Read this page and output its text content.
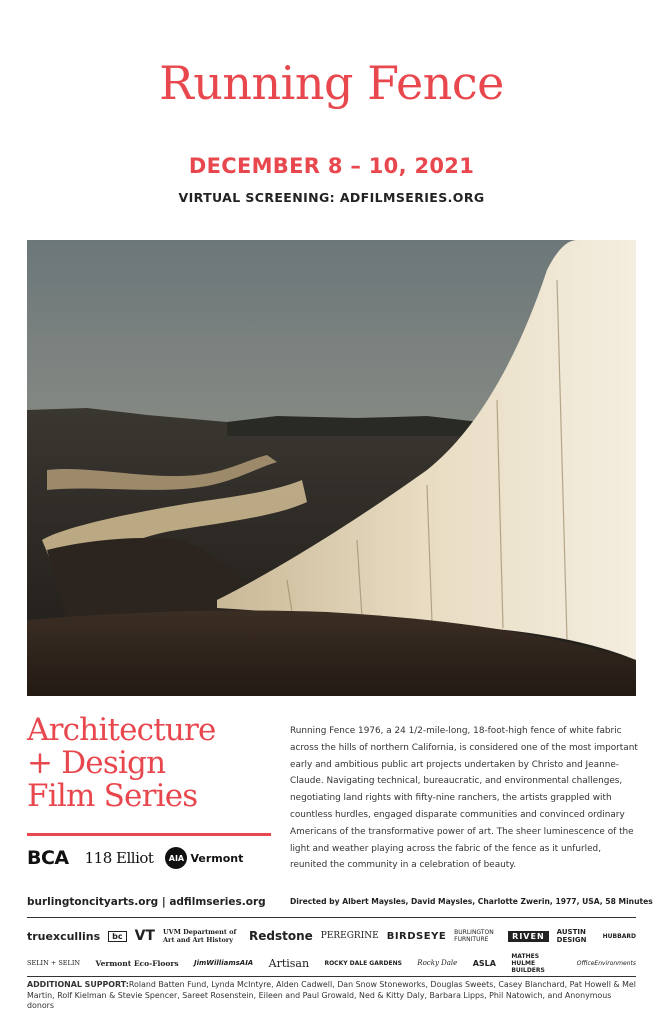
Running Fence
DECEMBER 8 – 10, 2021
VIRTUAL SCREENING: ADFILMSERIES.ORG
Architecture
+ Design
Film Series
BCA 118 Elliot	AIA Vermont
Running Fence 1976, a 24 1/2-mile-long, 18-foot-high fence of white fabric across the hills of northern California, is considered one of the most important early and ambitious public art projects undertaken by Christo and Jeanne-Claude. Navigating technical, bureaucratic, and environmental challenges, negotiating land rights with fifty-nine ranchers, the artists grappled with countless hurdles, engaged disparate communities and convinced ordinary Americans of the transformative power of art. The sheer luminescence of the light and weather playing across the fabric of the fence as it unfurled, reunited the community in a celebration of beauty.
burlingtoncityarts.org | adfilmseries.org	Directed by Albert Maysles, David Maysles, Charlotte Zwerin, 1977, USA, 58 Minutes
truexcullins	bc VT UVM Department of Art and Art History	Redstone PEREGRINE BIRDSEYE BURLINGTON FURNITURE	RIVEN	AUSTIN DESIGN	HUBBARD
SELIN + SELIN Vermont Eco-Floors JimWilliamsAIA Artisan	ROCKY DALE GARDENS Rocky Dale ASLA
MATHES HULME BUILDERS
OfficeEnvironments
ADDITIONAL SUPPORT:Roland Batten Fund, Lynda McIntyre, Alden Cadwell, Dan Snow Stoneworks, Douglas Sweets, Casey Blanchard, Pat Howell & Mel Martin, Rolf Kielman & Stevie Spencer, Sareet Rosenstein, Eileen and Paul Growald, Ned & Kitty Daly, Barbara Lipps, Phil Natowich, and Anonymous donors
